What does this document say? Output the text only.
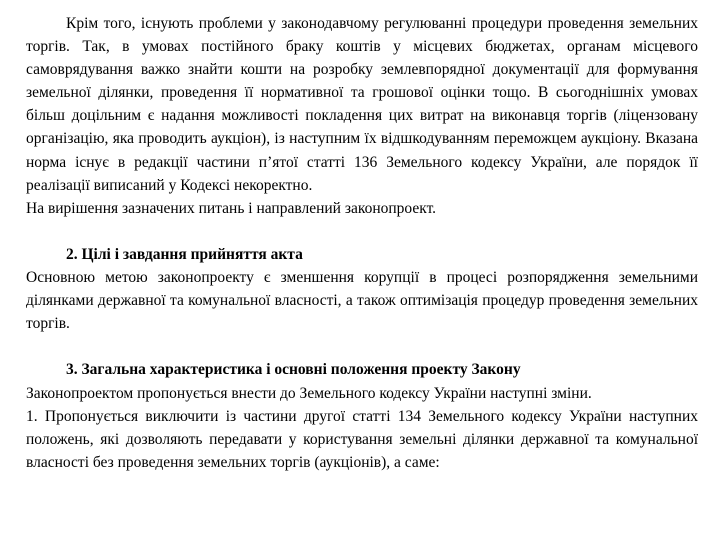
Крім того, існують проблеми у законодавчому регулюванні процедури проведення земельних торгів. Так, в умовах постійного браку коштів у місцевих бюджетах, органам місцевого самоврядування важко знайти кошти на розробку землевпорядної документації для формування земельної ділянки, проведення її нормативної та грошової оцінки тощо. В сьогоднішніх умовах більш доцільним є надання можливості покладення цих витрат на виконавця торгів (ліцензовану організацію, яка проводить аукціон), із наступним їх відшкодуванням переможцем аукціону. Вказана норма існує в редакції частини п’ятої статті 136 Земельного кодексу України, але порядок її реалізації виписаний у Кодексі некоректно.

На вирішення зазначених питань і направлений законопроект.

2. Цілі і завдання прийняття акта

Основною метою законопроекту є зменшення корупції в процесі розпорядження земельними ділянками державної та комунальної власності, а також оптимізація процедур проведення земельних торгів.

3. Загальна характеристика і основні положення проекту Закону

Законопроектом пропонується внести до Земельного кодексу України наступні зміни.

1. Пропонується виключити із частини другої статті 134 Земельного кодексу України наступних положень, які дозволяють передавати у користування земельні ділянки державної та комунальної власності без проведення земельних торгів (аукціонів), а саме:
